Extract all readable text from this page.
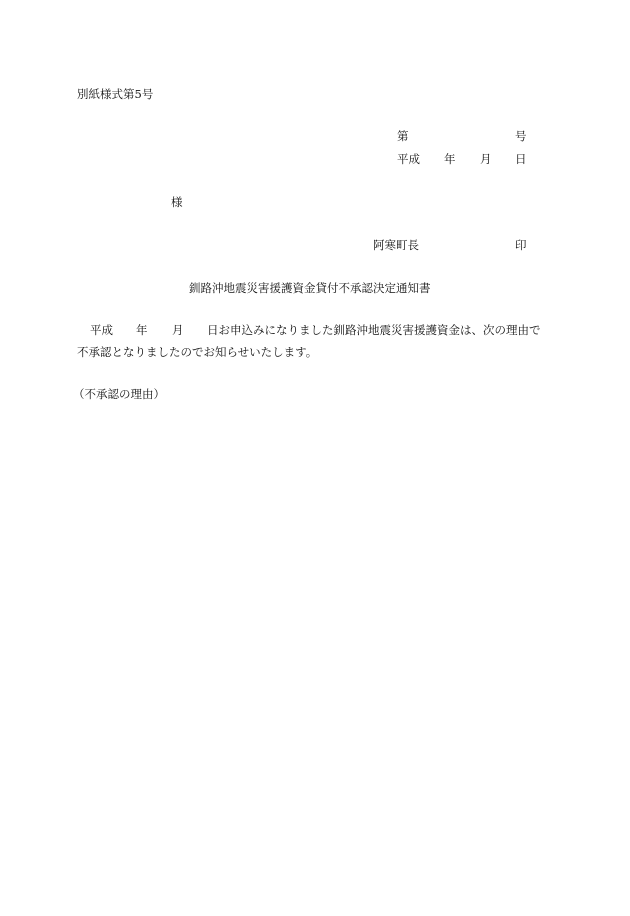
別紙様式第5号
第	号
平成 年 月 日
様
阿寒町長	印
釧路沖地震災害援護資金貸付不承認決定通知書
平成 年 月 日お申込みになりました釧路沖地震災害援護資金は、次の理由で
不承認となりましたのでお知らせいたします。
（不承認の理由）
